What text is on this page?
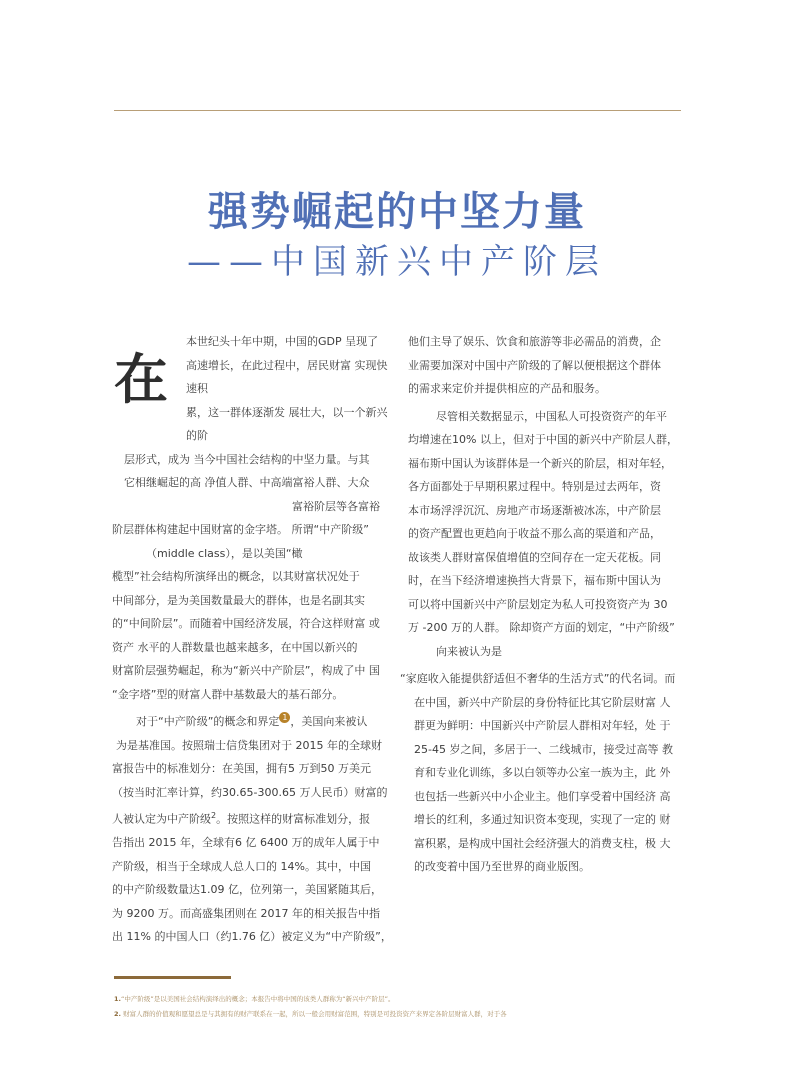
强势崛起的中坚力量
——中国新兴中产阶层
在

本世纪头十年中期，中国的GDP 呈现了

高速增长，在此过程中，居民财富 实现快速积

累，这一群体逐渐发 展壮大，以一个新兴的阶

层形式，成为 当今中国社会结构的中坚力量。与其

它相继崛起的高 净值人群、中高端富裕人群、大众

富裕阶层等各富裕

阶层群体构建起中国财富的金字塔。 所谓“中产阶级”

（middle class），是以美国“橄

榄型”社会结构所演绎出的概念，以其财富状况处于

中间部分，是为美国数量最大的群体，也是名副其实

的“中间阶层”。而随着中国经济发展，符合这样财富 或

资产 水平的人群数量也越来越多，在中国以新兴的

财富阶层强势崛起，称为“新兴中产阶层”，构成了中 国

“金字塔”型的财富人群中基数最大的基石部分。

对于“中产阶级”的概念和界定 1 ，美国向来被认

为是基准国。按照瑞士信贷集团对于 2015 年的全球财

富报告中的标准划分：在美国，拥有5 万到50 万美元

（按当时汇率计算，约30.65-300.65 万人民币）财富的

人被认定为中产阶级$^2$。按照这样的财富标准划分，报

告指出 2015 年，全球有6 亿 6400 万的成年人属于中

产阶级，相当于全球成人总人口的 14%。其中，中国

的中产阶级数量达1.09 亿，位列第一，美国紧随其后，

为 9200 万。而高盛集团则在 2017 年的相关报告中指

出 11% 的中国人口（约1.76 亿）被定义为“中产阶级”，

他们主导了娱乐、饮食和旅游等非必需品的消费，企

业需要加深对中国中产阶级的了解以便根据这个群体

的需求来定价并提供相应的产品和服务。

尽管相关数据显示，中国私人可投资资产的年平

均增速在10% 以上，但对于中国的新兴中产阶层人群，

福布斯中国认为该群体是一个新兴的阶层，相对年轻，

各方面都处于早期积累过程中。特别是过去两年，资

本市场浮浮沉沉、房地产市场逐渐被冰冻，中产阶层

的资产配置也更趋向于收益不那么高的渠道和产品，

故该类人群财富保值增值的空间存在一定天花板。同

时，在当下经济增速换挡大背景下，福布斯中国认为

可以将中国新兴中产阶层划定为私人可投资资产为 30

万 -200 万的人群。 除却资产方面的划定，“中产阶级”

向来被认为是

“家庭收入能提供舒适但不奢华的生活方式”的代名词。而

在中国，新兴中产阶层的身份特征比其它阶层财富 人

群更为鲜明：中国新兴中产阶层人群相对年轻，处 于

25-45 岁之间，多居于一、二线城市，接受过高等 教

育和专业化训练，多以白领等办公室一族为主，此 外

也包括一些新兴中小企业主。他们享受着中国经济 高

增长的红利，多通过知识资本变现，实现了一定的 财

富积累，是构成中国社会经济强大的消费支柱，极 大

的改变着中国乃至世界的商业版图。

1.“中产阶级”是以美国社会结构演绎出的概念；本报告中将中国的该类人群称为“新兴中产阶层”。
2. 财富人群的价值观和愿望总是与其拥有的财产联系在一起，所以一般会用财富范围，特别是可投资资产来界定各阶层财富人群，对于各
